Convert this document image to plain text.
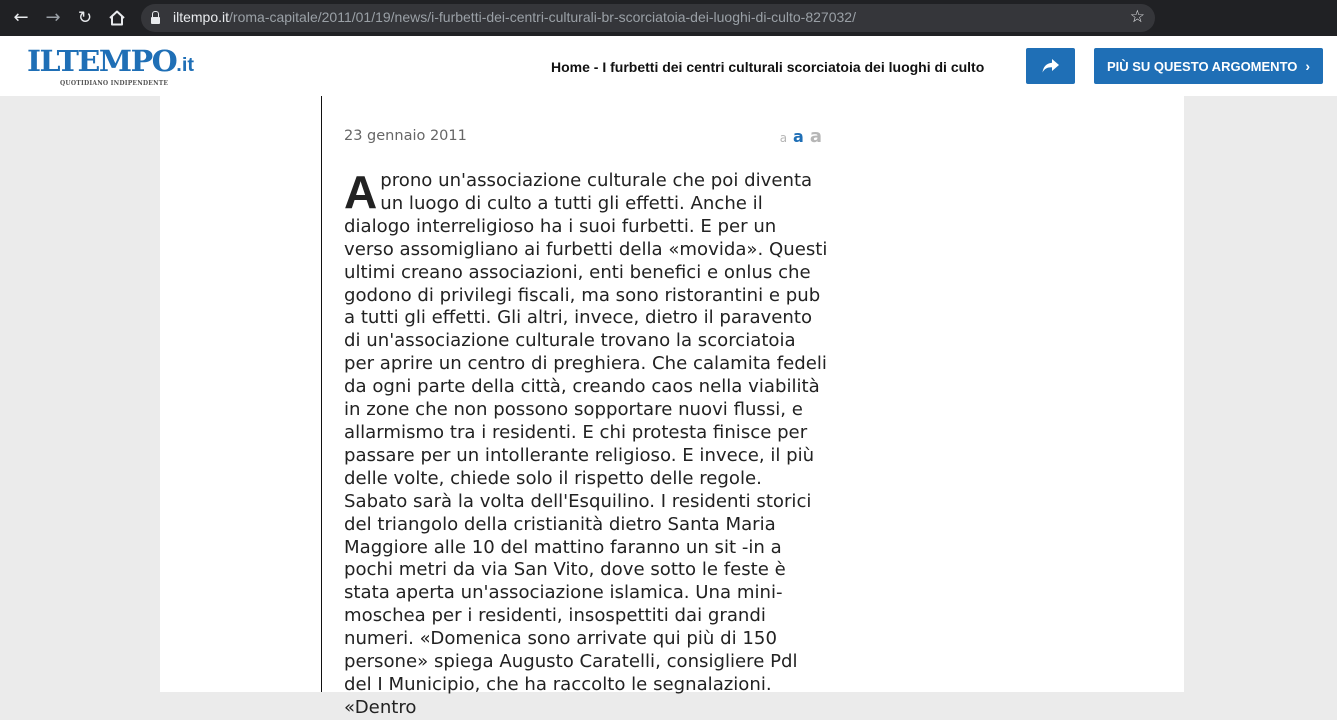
← → ↻	iltempo.it/roma-capitale/2011/01/19/news/i-furbetti-dei-centri-culturali-br-scorciatoia-dei-luoghi-di-culto-827032/	☆
ILTEMPO.it
QUOTIDIANO INDIPENDENTE
Home - I furbetti dei centri culturali scorciatoia dei luoghi di culto	PIÙ SU QUESTO ARGOMENTO ›
23 gennaio 2011	a a a
A prono un'associazione culturale che poi diventa un luogo di culto a tutti gli effetti. Anche il dialogo interreligioso ha i suoi furbetti. E per un verso assomigliano ai furbetti della «movida». Questi ultimi creano associazioni, enti benefici e onlus che godono di privilegi fiscali, ma sono ristorantini e pub a tutti gli effetti. Gli altri, invece, dietro il paravento di un'associazione culturale trovano la scorciatoia per aprire un centro di preghiera. Che calamita fedeli da ogni parte della città, creando caos nella viabilità in zone che non possono sopportare nuovi flussi, e allarmismo tra i residenti. E chi protesta finisce per passare per un intollerante religioso. E invece, il più delle volte, chiede solo il rispetto delle regole. Sabato sarà la volta dell'Esquilino. I residenti storici del triangolo della cristianità dietro Santa Maria Maggiore alle 10 del mattino faranno un sit -in a pochi metri da via San Vito, dove sotto le feste è stata aperta un'associazione islamica. Una mini-moschea per i residenti, insospettiti dai grandi numeri. «Domenica sono arrivate qui più di 150 persone» spiega Augusto Caratelli, consigliere Pdl del I Municipio, che ha raccolto le segnalazioni. «Dentro
